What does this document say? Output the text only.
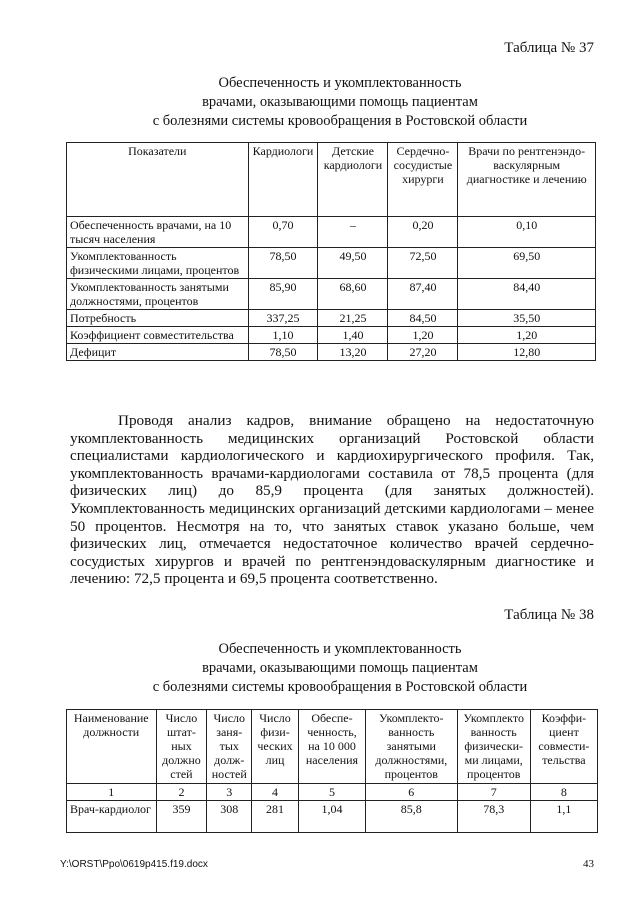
Таблица № 37
Обеспеченность и укомплектованность
врачами, оказывающими помощь пациентам
с болезнями системы кровообращения в Ростовской области
Показатели	Кардиологи	Детские кардиологи	Сердечно-сосудистые хирурги	Врачи по рентгенэндо-васкулярным диагностике и лечению
Обеспеченность врачами, на 10 тысяч населения	0,70	–	0,20	0,10
Укомплектованность физическими лицами, процентов	78,50	49,50	72,50	69,50
Укомплектованность занятыми должностями, процентов	85,90	68,60	87,40	84,40
Потребность	337,25	21,25	84,50	35,50
Коэффициент совместительства	1,10	1,40	1,20	1,20
Дефицит	78,50	13,20	27,20	12,80
Проводя анализ кадров, внимание обращено на недостаточную укомплектованность медицинских организаций Ростовской области специалистами кардиологического и кардиохирургического профиля. Так, укомплектованность врачами-кардиологами составила от 78,5 процента (для физических лиц) до 85,9 процента (для занятых должностей). Укомплектованность медицинских организаций детскими кардиологами – менее 50 процентов. Несмотря на то, что занятых ставок указано больше, чем физических лиц, отмечается недостаточное количество врачей сердечно-сосудистых хирургов и врачей по рентгенэндоваскулярным диагностике и лечению: 72,5 процента и 69,5 процента соответственно.
Таблица № 38
Обеспеченность и укомплектованность
врачами, оказывающими помощь пациентам
с болезнями системы кровообращения в Ростовской области
Наименование должности	Число штат-ных должно стей	Число заня-тых долж-ностей	Число физи-ческих лиц	Обеспе-ченность, на 10 000 населения	Укомплекто-ванность занятыми должностями, процентов	Укомплекто ванность физически-ми лицами, процентов	Коэффи-циент совмести-тельства
1	2	3	4	5	6	7	8
Врач-кардиолог	359	308	281	1,04	85,8	78,3	1,1
Y:\ORST\Ppo\0619p415.f19.docx	43
